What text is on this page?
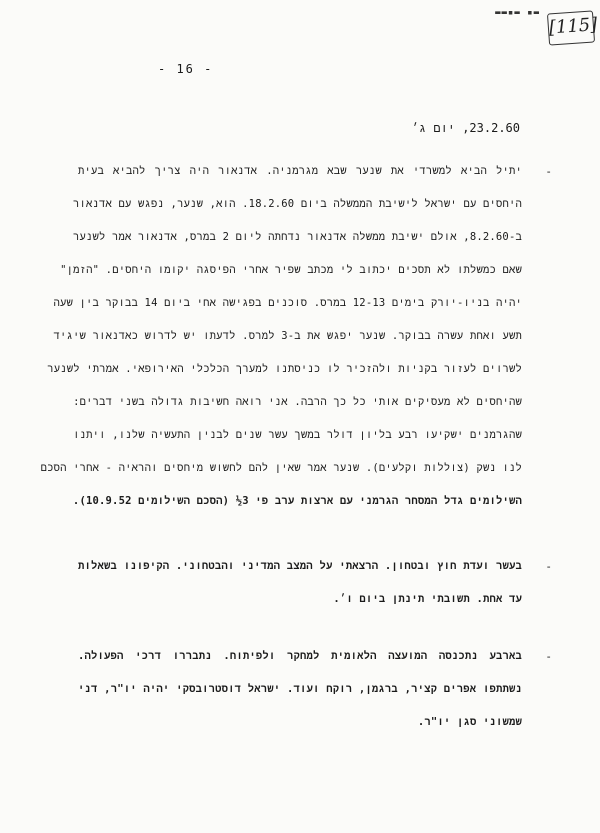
▬▬▪▬ ▪▬
[115]
- 16 -
23.2.60, יום ג׳
-
יתיל הביא למשרדי את שנער שבא מגרמניה. אדנאור היה צריך להביא בעית
היחסים עם ישראל לישיבת הממשלה ביום 18.2.60. הוא, שנער, נפגש עם אדנאור
ב-8.2.60, אולם ישיבת ממשלה אדנאור נדחתה ליום 2 במרס, אדנאור אמר לשנער
שאם כמשלתו לא תסכים יכתוב לי מכתב שפיר אחרי הפיסגה יקומו היחסים. "הזמן"
יהיה בניו-יורק בימים 12-13 במרס. סוכנים בפגישה אחי ביום 14 בבוקר בין שעה
תשע ואחת עשרה בבוקר. שנער יפגש את ב-3 למרס. לדעתו יש לדרוש כאדנאור שיגיד
לשרוים לעזור בקניות ולהזכיר לו כניסתנו למערך הכלכלי האירופאי. אמרתי לשנער
שהיחסים לא מעסיקים אותי כל כך הרבה. אני רואה חשיבות גדולה בשני דברים:
שהגרמנים ישקיעו רבע בליון דולר במשך עשר שנים לבנין התעשיה שלנו, ויתנו
לנו נשק (צוללות וקלעים). שנער אמר שאין להם לחשוש מיחסים והראיה - אחרי הסכם
השילומים גדל המסחר הגרמני עם ארצות ערב פי 3½ (הסכם השילומים 10.9.52).
-
בעשר ועדת חוץ ובטחון. הרצאתי על המצב המדיני והבטחוני. הקיפונו בשאלות
עד אחת. תשובתי תינתן ביום ו׳.
-
בארבע נתכנסה המועצה הלאומית למחקר ולפיתוח. נתבררו דרכי הפעולה.
נשתתפו אפרים קציר, ברגמן, רוקח ועוד. ישראל דוסטרובסקי יהיה יו"ר, דני
שמשוני סגן יו"ר.
